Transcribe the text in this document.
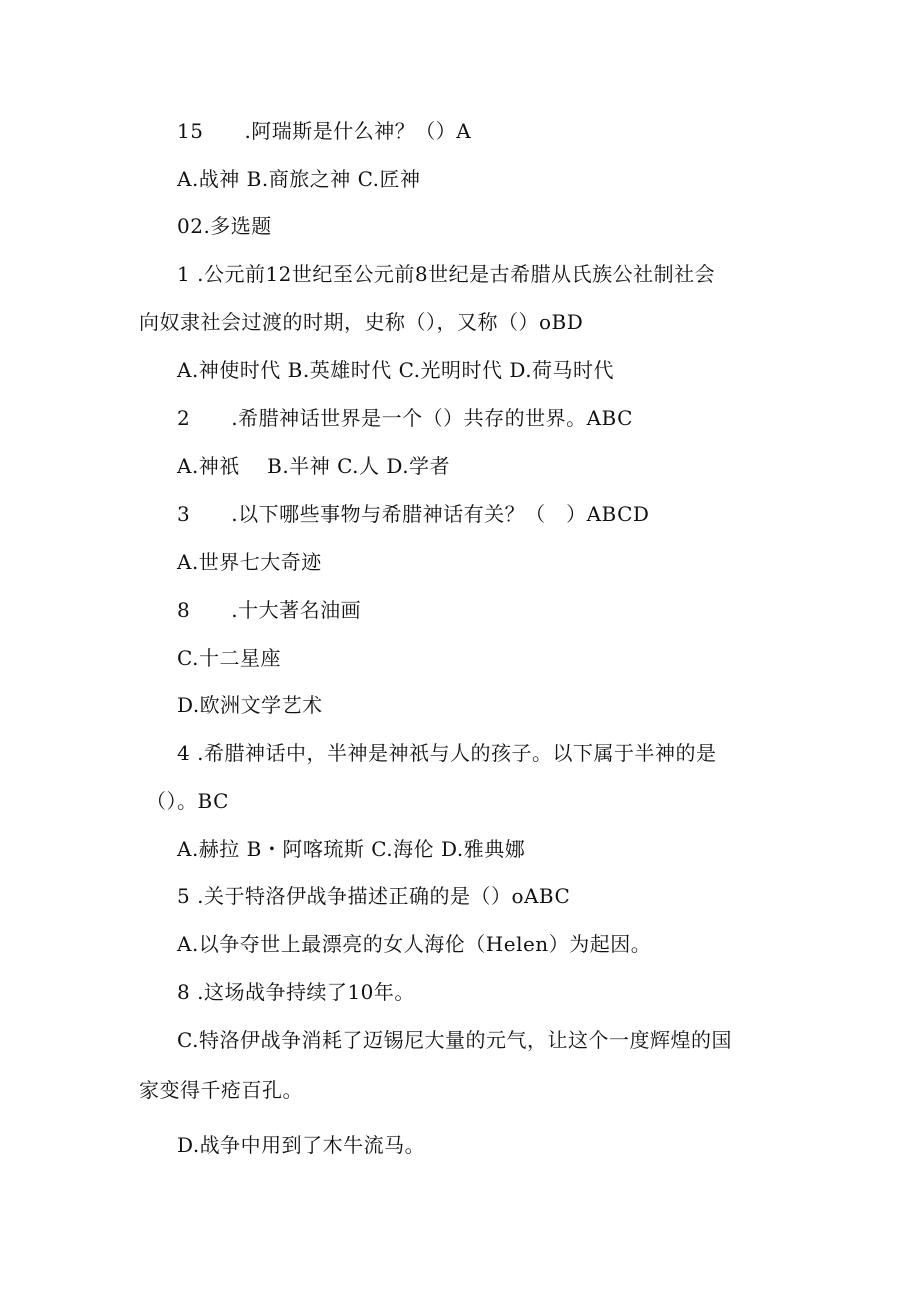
15　　.阿瑞斯是什么神？（）A
A.战神 B.商旅之神 C.匠神
02.多选题
1 .公元前12世纪至公元前8世纪是古希腊从氏族公社制社会
向奴隶社会过渡的时期，史称（），又称（）oBD
A.神使时代 B.英雄时代 C.光明时代 D.荷马时代
2　　.希腊神话世界是一个（）共存的世界。ABC
A.神祇　 B.半神 C.人 D.学者
3　　.以下哪些事物与希腊神话有关？（　）ABCD
A.世界七大奇迹
8　　.十大著名油画
C.十二星座
D.欧洲文学艺术
4 .希腊神话中，半神是神祇与人的孩子。以下属于半神的是
（）。BC
A.赫拉 B・阿喀琉斯 C.海伦 D.雅典娜
5 .关于特洛伊战争描述正确的是（）oABC
A.以争夺世上最漂亮的女人海伦（Helen）为起因。
8 .这场战争持续了10年。
C.特洛伊战争消耗了迈锡尼大量的元气，让这个一度辉煌的国
家变得千疮百孔。
D.战争中用到了木牛流马。
